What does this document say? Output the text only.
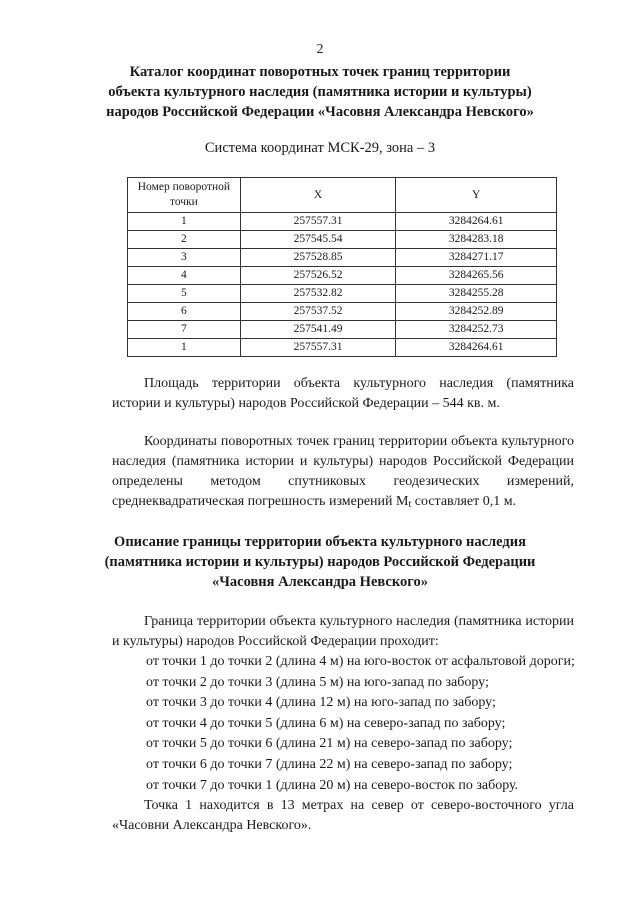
2
Каталог координат поворотных точек границ территории
объекта культурного наследия (памятника истории и культуры)
народов Российской Федерации «Часовня Александра Невского»
Система координат МСК-29, зона – 3
Номер поворотной точки	X	Y
1	257557.31	3284264.61
2	257545.54	3284283.18
3	257528.85	3284271.17
4	257526.52	3284265.56
5	257532.82	3284255.28
6	257537.52	3284252.89
7	257541.49	3284252.73
1	257557.31	3284264.61
Площадь территории объекта культурного наследия (памятника истории и культуры) народов Российской Федерации – 544 кв. м.
Координаты поворотных точек границ территории объекта культурного наследия (памятника истории и культуры) народов Российской Федерации определены методом спутниковых геодезических измерений, среднеквадратическая погрешность измерений $M_t$ составляет 0,1 м.
Описание границы территории объекта культурного наследия
(памятника истории и культуры) народов Российской Федерации
«Часовня Александра Невского»
Граница территории объекта культурного наследия (памятника истории и культуры) народов Российской Федерации проходит:
от точки 1 до точки 2 (длина 4 м) на юго-восток от асфальтовой дороги;
от точки 2 до точки 3 (длина 5 м) на юго-запад по забору;
от точки 3 до точки 4 (длина 12 м) на юго-запад по забору;
от точки 4 до точки 5 (длина 6 м) на северо-запад по забору;
от точки 5 до точки 6 (длина 21 м) на северо-запад по забору;
от точки 6 до точки 7 (длина 22 м) на северо-запад по забору;
от точки 7 до точки 1 (длина 20 м) на северо-восток по забору.
Точка 1 находится в 13 метрах на север от северо-восточного угла «Часовни Александра Невского».
